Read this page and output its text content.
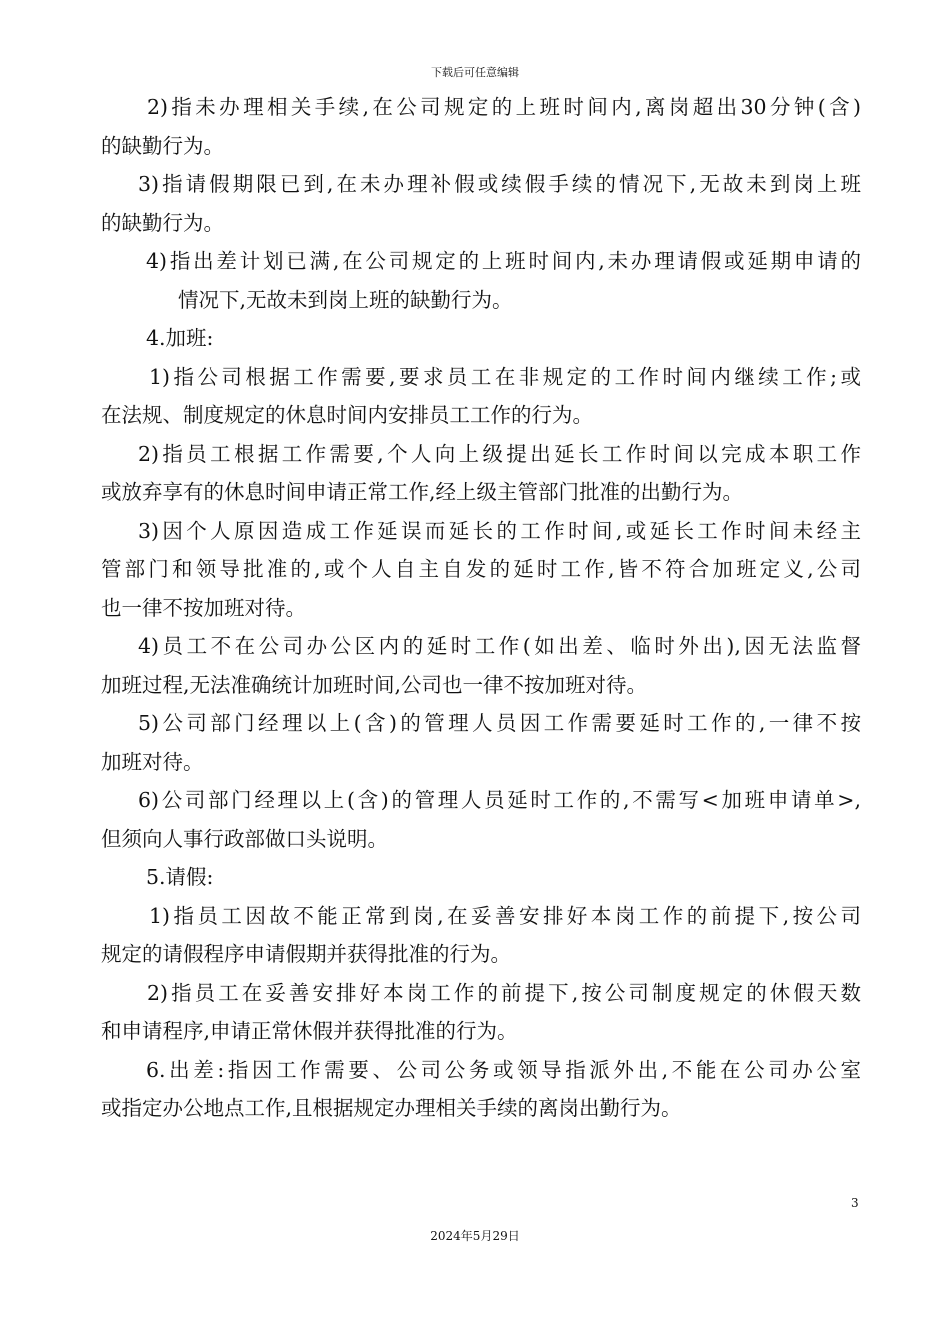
下载后可任意编辑
2)指未办理相关手续,在公司规定的上班时间内,离岗超出30分钟(含)
的缺勤行为。
3)指请假期限已到,在未办理补假或续假手续的情况下,无故未到岗上班
的缺勤行为。
4)指出差计划已满,在公司规定的上班时间内,未办理请假或延期申请的
情况下,无故未到岗上班的缺勤行为。
4.加班:
1)指公司根据工作需要,要求员工在非规定的工作时间内继续工作;或
在法规、制度规定的休息时间内安排员工工作的行为。
2)指员工根据工作需要,个人向上级提出延长工作时间以完成本职工作
或放弃享有的休息时间申请正常工作,经上级主管部门批准的出勤行为。
3)因个人原因造成工作延误而延长的工作时间,或延长工作时间未经主
管部门和领导批准的,或个人自主自发的延时工作,皆不符合加班定义,公司
也一律不按加班对待。
4)员工不在公司办公区内的延时工作(如出差、临时外出),因无法监督
加班过程,无法准确统计加班时间,公司也一律不按加班对待。
5)公司部门经理以上(含)的管理人员因工作需要延时工作的,一律不按
加班对待。
6)公司部门经理以上(含)的管理人员延时工作的,不需写<加班申请单>,
但须向人事行政部做口头说明。
5.请假:
1)指员工因故不能正常到岗,在妥善安排好本岗工作的前提下,按公司
规定的请假程序申请假期并获得批准的行为。
2)指员工在妥善安排好本岗工作的前提下,按公司制度规定的休假天数
和申请程序,申请正常休假并获得批准的行为。
6.出差:指因工作需要、公司公务或领导指派外出,不能在公司办公室
或指定办公地点工作,且根据规定办理相关手续的离岗出勤行为。
3
2024年5月29日
